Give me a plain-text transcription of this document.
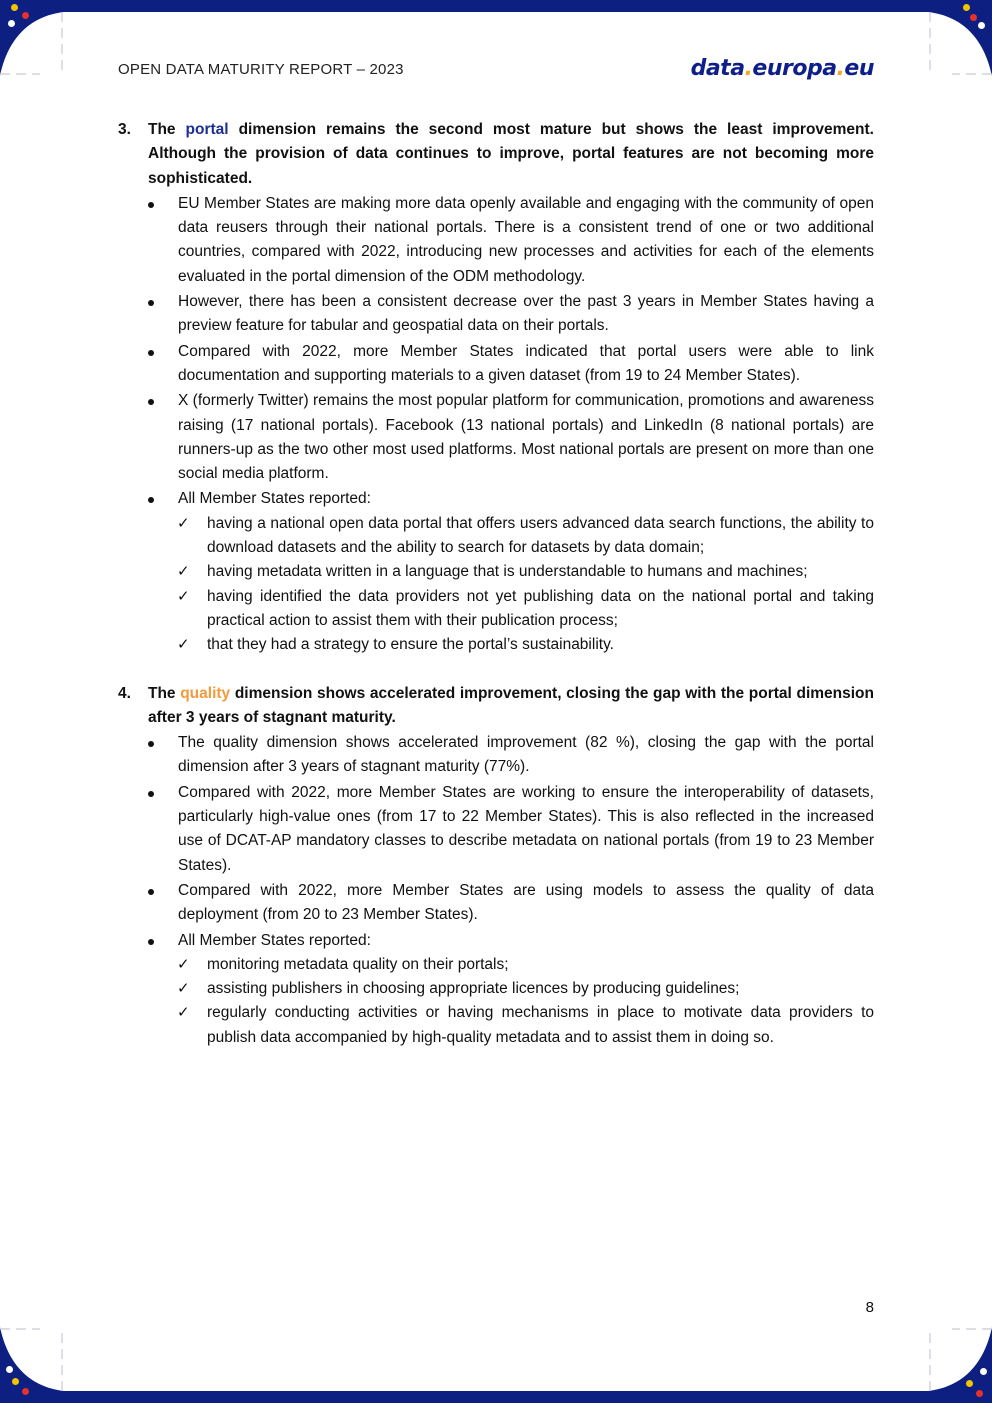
OPEN DATA MATURITY REPORT – 2023	data.europa.eu
3. The portal dimension remains the second most mature but shows the least improvement. Although the provision of data continues to improve, portal features are not becoming more sophisticated.
EU Member States are making more data openly available and engaging with the community of open data reusers through their national portals. There is a consistent trend of one or two additional countries, compared with 2022, introducing new processes and activities for each of the elements evaluated in the portal dimension of the ODM methodology.
However, there has been a consistent decrease over the past 3 years in Member States having a preview feature for tabular and geospatial data on their portals.
Compared with 2022, more Member States indicated that portal users were able to link documentation and supporting materials to a given dataset (from 19 to 24 Member States).
X (formerly Twitter) remains the most popular platform for communication, promotions and awareness raising (17 national portals). Facebook (13 national portals) and LinkedIn (8 national portals) are runners-up as the two other most used platforms. Most national portals are present on more than one social media platform.
All Member States reported:
✓ having a national open data portal that offers users advanced data search functions, the ability to download datasets and the ability to search for datasets by data domain;
✓ having metadata written in a language that is understandable to humans and machines;
✓ having identified the data providers not yet publishing data on the national portal and taking practical action to assist them with their publication process;
✓ that they had a strategy to ensure the portal’s sustainability.
4. The quality dimension shows accelerated improvement, closing the gap with the portal dimension after 3 years of stagnant maturity.
The quality dimension shows accelerated improvement (82 %), closing the gap with the portal dimension after 3 years of stagnant maturity (77%).
Compared with 2022, more Member States are working to ensure the interoperability of datasets, particularly high-value ones (from 17 to 22 Member States). This is also reflected in the increased use of DCAT-AP mandatory classes to describe metadata on national portals (from 19 to 23 Member States).
Compared with 2022, more Member States are using models to assess the quality of data deployment (from 20 to 23 Member States).
All Member States reported:
✓ monitoring metadata quality on their portals;
✓ assisting publishers in choosing appropriate licences by producing guidelines;
✓ regularly conducting activities or having mechanisms in place to motivate data providers to publish data accompanied by high-quality metadata and to assist them in doing so.
8
